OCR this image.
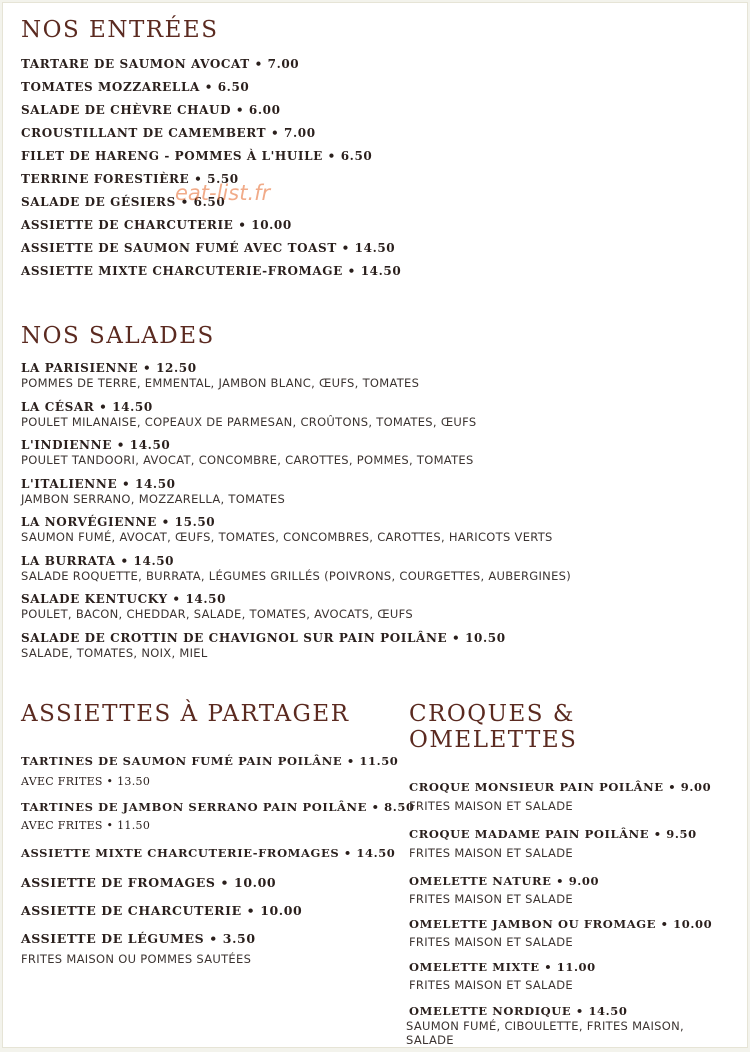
NOS ENTRÉES
TARTARE DE SAUMON AVOCAT • 7.00
TOMATES MOZZARELLA • 6.50
SALADE DE CHÈVRE CHAUD • 6.00
CROUSTILLANT DE CAMEMBERT • 7.00
FILET DE HARENG - POMMES À L'HUILE • 6.50
TERRINE FORESTIÈRE • 5.50
SALADE DE GÉSIERS • 6.50
ASSIETTE DE CHARCUTERIE • 10.00
ASSIETTE DE SAUMON FUMÉ AVEC TOAST • 14.50
ASSIETTE MIXTE CHARCUTERIE-FROMAGE • 14.50
eat-list.fr
NOS SALADES
LA PARISIENNE • 12.50
POMMES DE TERRE, EMMENTAL, JAMBON BLANC, ŒUFS, TOMATES
LA CÉSAR • 14.50
POULET MILANAISE, COPEAUX DE PARMESAN, CROÛTONS, TOMATES, ŒUFS
L'INDIENNE • 14.50
POULET TANDOORI, AVOCAT, CONCOMBRE, CAROTTES, POMMES, TOMATES
L'ITALIENNE • 14.50
JAMBON SERRANO, MOZZARELLA, TOMATES
LA NORVÉGIENNE • 15.50
SAUMON FUMÉ, AVOCAT, ŒUFS, TOMATES, CONCOMBRES, CAROTTES, HARICOTS VERTS
LA BURRATA • 14.50
SALADE ROQUETTE, BURRATA, LÉGUMES GRILLÉS (POIVRONS, COURGETTES, AUBERGINES)
SALADE KENTUCKY • 14.50
POULET, BACON, CHEDDAR, SALADE, TOMATES, AVOCATS, ŒUFS
SALADE DE CROTTIN DE CHAVIGNOL SUR PAIN POILÂNE • 10.50
SALADE, TOMATES, NOIX, MIEL
ASSIETTES À PARTAGER
TARTINES DE SAUMON FUMÉ PAIN POILÂNE • 11.50
AVEC FRITES • 13.50
TARTINES DE JAMBON SERRANO PAIN POILÂNE • 8.50
AVEC FRITES • 11.50
ASSIETTE MIXTE CHARCUTERIE-FROMAGES • 14.50
ASSIETTE DE FROMAGES • 10.00
ASSIETTE DE CHARCUTERIE • 10.00
ASSIETTE DE LÉGUMES • 3.50
FRITES MAISON OU POMMES SAUTÉES
CROQUES & OMELETTES
CROQUE MONSIEUR PAIN POILÂNE • 9.00
FRITES MAISON ET SALADE
CROQUE MADAME PAIN POILÂNE • 9.50
FRITES MAISON ET SALADE
OMELETTE NATURE • 9.00
FRITES MAISON ET SALADE
OMELETTE JAMBON OU FROMAGE • 10.00
FRITES MAISON ET SALADE
OMELETTE MIXTE • 11.00
FRITES MAISON ET SALADE
OMELETTE NORDIQUE • 14.50
SAUMON FUMÉ, CIBOULETTE, FRITES MAISON,
SALADE
